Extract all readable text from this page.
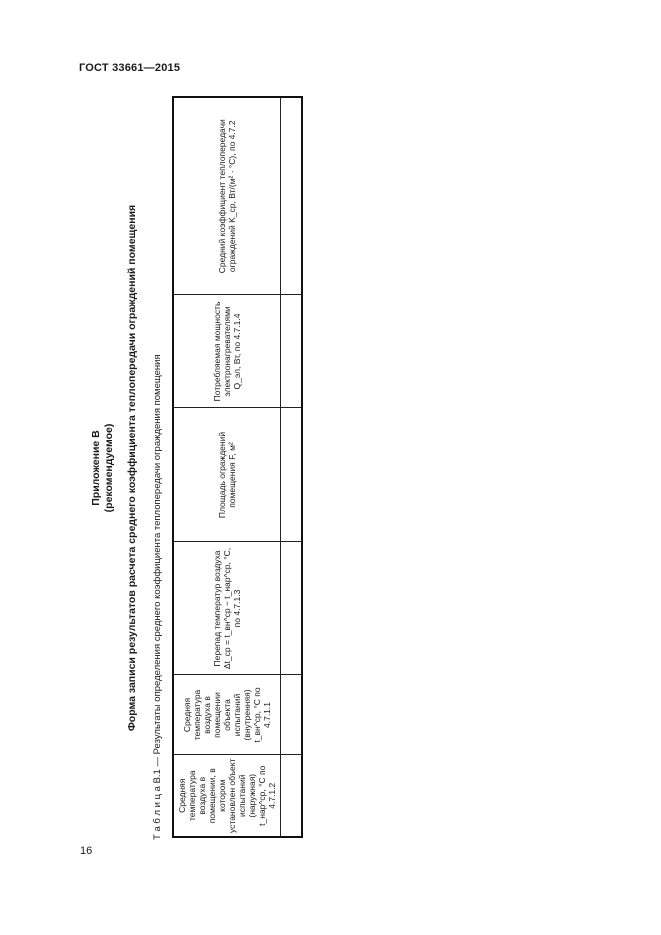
ГОСТ 33661—2015
Приложение В (рекомендуемое) Форма записи результатов расчета среднего коэффициента теплопередачи ограждений помещения Т а б л и ц а В.1 — Результаты определения среднего коэффициента теплопередачи ограждения помещения Средняя температура воздуха в помещении, в котором установлен объект испытаний (наружная) t_нар^ср, °С по 4.7.1.2	Средняя температура воздуха в помещении объекта испытаний (внутренняя) t_вн^ср, °С по 4.7.1.1	Перепад температур воздуха Δt_ср = t_вн^ср − t_нар^ср, °С, по 4.7.1.3	Площадь ограждений помещения F, м²	Потребляемая мощность электронагревателями Q_эл, Вт, по 4.7.1.4	Средний коэффициент теплопередачи ограждений K_ср, Вт/(м² · °С), по 4.7.2

16
